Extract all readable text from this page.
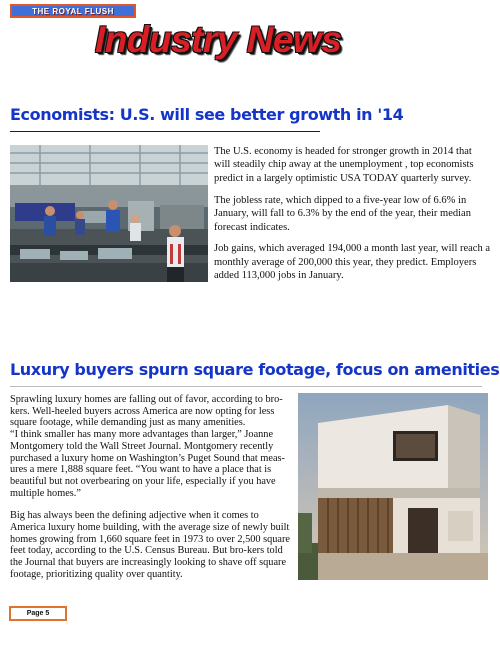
THE ROYAL FLUSH
Industry News
Economists: U.S. will see better growth in '14

The U.S. economy is headed for stronger growth in 2014 that will steadily chip away at the unemployment , top economists predict in a largely optimistic USA TODAY quarterly survey.

The jobless rate, which dipped to a five-year low of 6.6% in January, will fall to 6.3% by the end of the year, their median forecast indicates.

Job gains, which averaged 194,000 a month last year, will reach a monthly average of 200,000 this year, they predict. Employers added 113,000 jobs in January.

Luxury buyers spurn square footage, focus on amenities

Sprawling luxury homes are falling out of favor, according to bro-kers. Well-heeled buyers across America are now opting for less square footage, while demanding just as many amenities.

“I think smaller has many more advantages than larger,” Joanne Montgomery told the Wall Street Journal. Montgomery recently purchased a luxury home on Washington’s Puget Sound that meas-ures a mere 1,888 square feet. “You want to have a place that is beautiful but not overbearing on your life, especially if you have multiple homes.”

Big has always been the defining adjective when it comes to America luxury home building, with the average size of newly built homes growing from 1,660 square feet in 1973 to over 2,500 square feet today, according to the U.S. Census Bureau. But bro-kers told the Journal that buyers are increasingly looking to shave off square footage, prioritizing quality over quantity.

Page 5
